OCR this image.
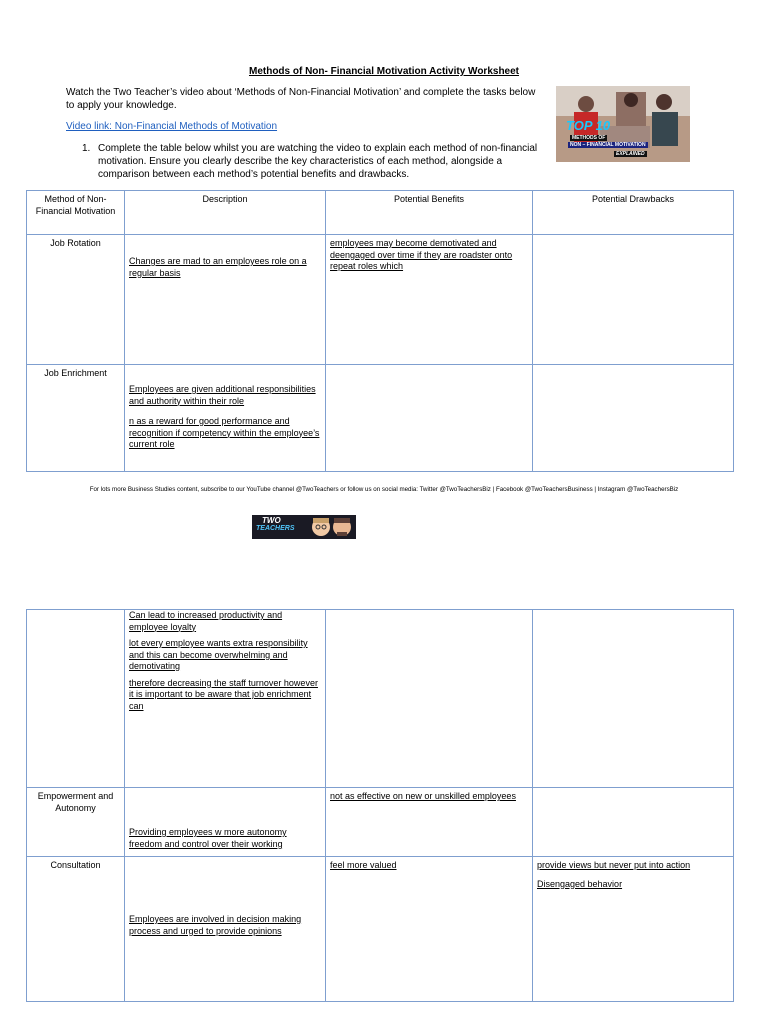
Methods of Non- Financial Motivation Activity Worksheet
Watch the Two Teacher’s video about ‘Methods of Non-Financial Motivation’ and complete the tasks below to apply your knowledge.
Video link: Non-Financial Methods of Motivation
1. Complete the table below whilst you are watching the video to explain each method of non-financial motivation. Ensure you clearly describe the key characteristics of each method, alongside a comparison between each method’s potential benefits and drawbacks.
TOP 10
METHODS OF
NON – FINANCIAL MOTIVATION
EXPLAINED
Method of Non-Financial Motivation	Description	Potential Benefits	Potential Drawbacks
Job Rotation	Changes are mad to an employees role on a regular basis	employees may become demotivated and deengaged over time if they are roadster onto repeat roles which	

Job Enrichment	Employees are given additional responsibilities and authority within their role

n as a reward for good performance and recognition if competency within the employee’s current role		

For lots more Business Studies content, subscribe to our YouTube channel @TwoTeachers or follow us on social media: Twitter @TwoTeachersBiz | Facebook @TwoTeachersBusiness | Instagram @TwoTeachersBiz
TWO
TEACHERS

	Can lead to increased productivity and employee loyalty

lot every employee wants extra responsibility and this can become overwhelming and demotivating

therefore decreasing the staff turnover however it is important to be aware that job enrichment can		

Empowerment and Autonomy	Providing employees w more autonomy freedom and control over their working	not as effective on new or unskilled employees	

Consultation	Employees are involved in decision making process and urged to provide opinions	feel more valued	provide views but never put into action

Disengaged behavior
